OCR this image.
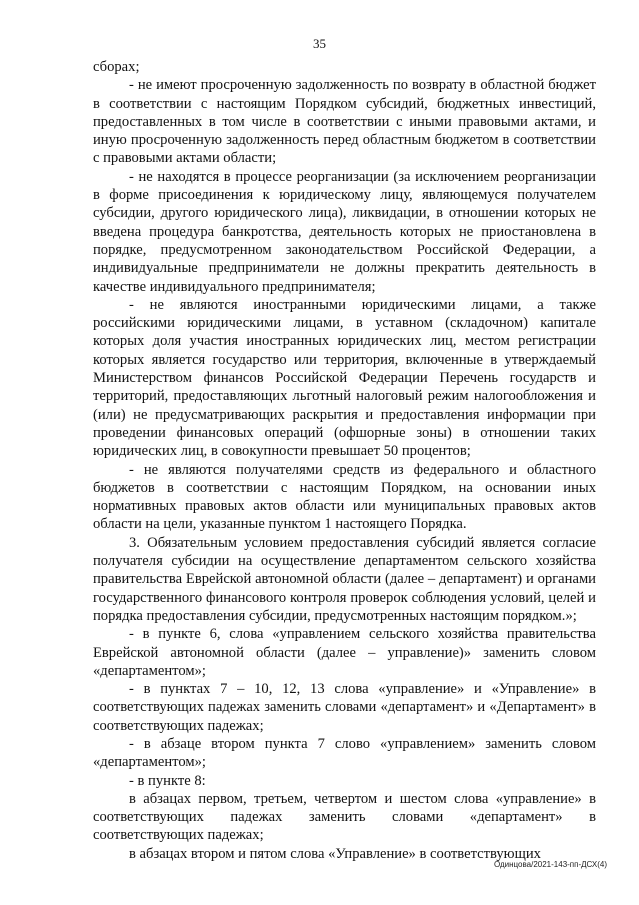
35

сборах;

- не имеют просроченную задолженность по возврату в областной бюджет в соответствии с настоящим Порядком субсидий, бюджетных инвестиций, предоставленных в том числе в соответствии с иными правовыми актами, и иную просроченную задолженность перед областным бюджетом в соответствии с правовыми актами области;

- не находятся в процессе реорганизации (за исключением реорганизации в форме присоединения к юридическому лицу, являющемуся получателем субсидии, другого юридического лица), ликвидации, в отношении которых не введена процедура банкротства, деятельность которых не приостановлена в порядке, предусмотренном законодательством Российской Федерации, а индивидуальные предприниматели не должны прекратить деятельность в качестве индивидуального предпринимателя;

- не являются иностранными юридическими лицами, а также российскими юридическими лицами, в уставном (складочном) капитале которых доля участия иностранных юридических лиц, местом регистрации которых является государство или территория, включенные в утверждаемый Министерством финансов Российской Федерации Перечень государств и территорий, предоставляющих льготный налоговый режим налогообложения и (или) не предусматривающих раскрытия и предоставления информации при проведении финансовых операций (офшорные зоны) в отношении таких юридических лиц, в совокупности превышает 50 процентов;

- не являются получателями средств из федерального и областного бюджетов в соответствии с настоящим Порядком, на основании иных нормативных правовых актов области или муниципальных правовых актов области на цели, указанные пунктом 1 настоящего Порядка.

3. Обязательным условием предоставления субсидий является согласие получателя субсидии на осуществление департаментом сельского хозяйства правительства Еврейской автономной области (далее – департамент) и органами государственного финансового контроля проверок соблюдения условий, целей и порядка предоставления субсидии, предусмотренных настоящим порядком.»;

- в пункте 6, слова «управлением сельского хозяйства правительства Еврейской автономной области (далее – управление)» заменить словом «департаментом»;

- в пунктах 7 – 10, 12, 13 слова «управление» и «Управление» в соответствующих падежах заменить словами «департамент» и «Департамент» в соответствующих падежах;

- в абзаце втором пункта 7 слово «управлением» заменить словом «департаментом»;

- в пункте 8:

в абзацах первом, третьем, четвертом и шестом слова «управление» в соответствующих падежах заменить словами «департамент» в соответствующих падежах;

в абзацах втором и пятом слова «Управление» в соответствующих

Одинцова/2021-143-пп-ДСХ(4)
